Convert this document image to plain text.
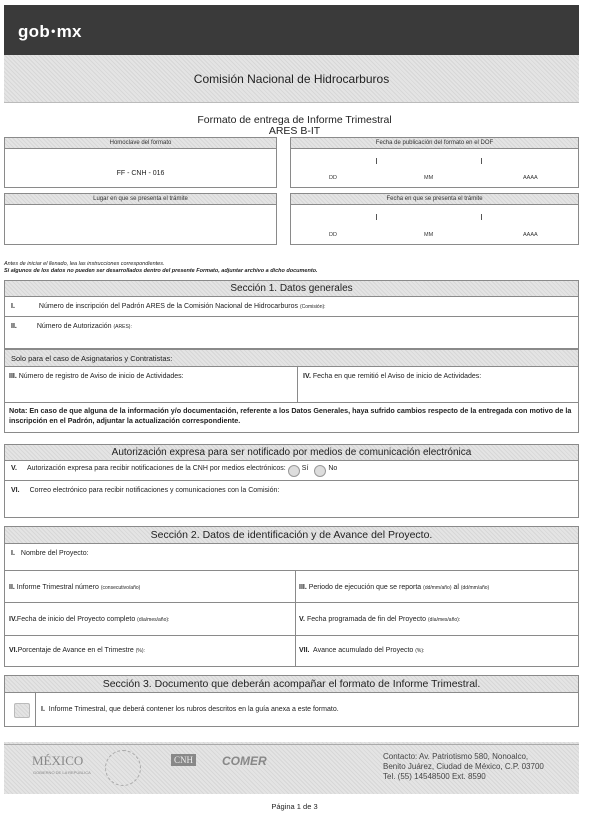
gob•mx
Comisión Nacional de Hidrocarburos
Formato de entrega de Informe Trimestral
ARES B-IT
Homoclave del formato
FF - CNH - 016
Fecha de publicación del formato en el DOF
DD	MM	AAAA
Lugar en que se presenta el trámite	Fecha en que se presenta el trámite
DD	MM	AAAA
Antes de iniciar el llenado, lea las instrucciones correspondientes.
Si algunos de los datos no pueden ser desarrollados dentro del presente Formato, adjuntar archivo a dicho documento.
Sección 1. Datos generales
I.	Número de inscripción del Padrón ARES de la Comisión Nacional de Hidrocarburos
(Comisión):
II.	Número de Autorización
(ARES):
Solo para el caso de Asignatarios y Contratistas:
III. Número de registro de Aviso de inicio de Actividades:	IV. Fecha en que remitió el Aviso de inicio de Actividades:
Nota: En caso de que alguna de la información y/o documentación, referente a los Datos Generales, haya sufrido cambios respecto de la entregada con motivo de la inscripción en el Padrón, adjuntar la actualización correspondiente.
Autorización expresa para ser notificado por medios de comunicación electrónica
V. Autorización expresa para recibir notificaciones de la CNH por medios electrónicos: Sí	No
VI. Correo electrónico para recibir notificaciones y comunicaciones con la Comisión:
Sección 2. Datos de identificación y de Avance del Proyecto.
I. Nombre del Proyecto:
II. Informe Trimestral número (consecutivo/año)	III. Periodo de ejecución que se reporta (dd/mm/año) al (dd/mm/año)
IV.Fecha de inicio del Proyecto completo (día/mes/año):	V. Fecha programada de fin del Proyecto (día/mes/año):
VI.Porcentaje de Avance en el Trimestre (%):	VII. Avance acumulado del Proyecto (%):
Sección 3. Documento que deberán acompañar el formato de Informe Trimestral.
I. Informe Trimestral, que deberá contener los rubros descritos en la guía anexa a este formato.
MÉXICO
GOBIERNO DE LA REPÚBLICA
CNH COMER	Contacto: Av. Patriotismo 580, Nonoalco,
Benito Juárez, Ciudad de México, C.P. 03700
Tel. (55) 14548500 Ext. 8590
Página 1 de 3
